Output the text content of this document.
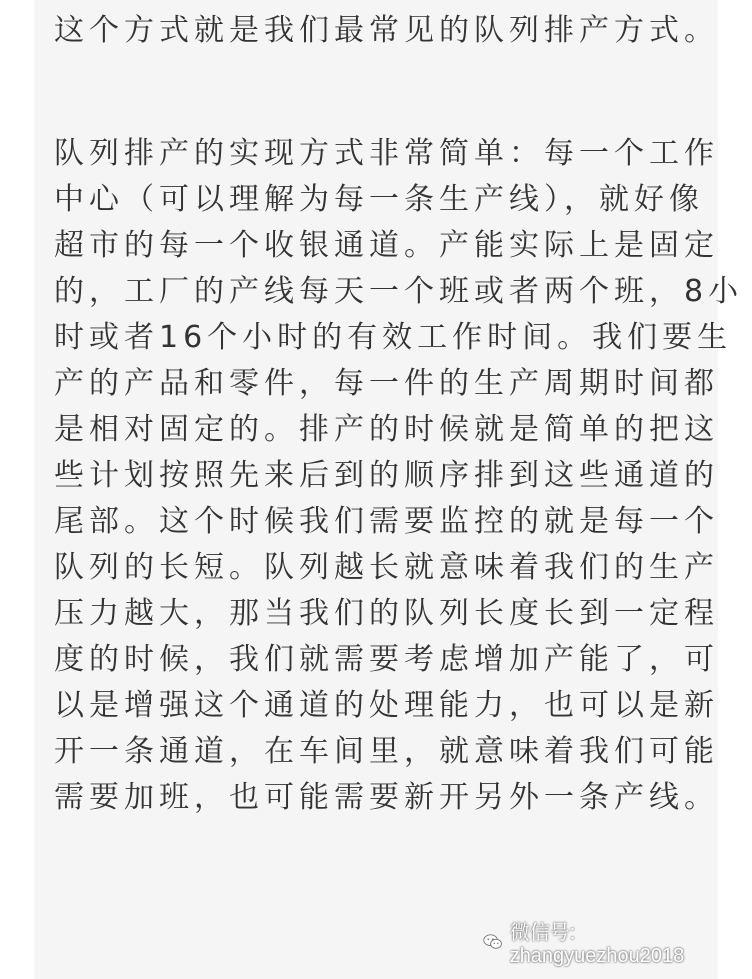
这个方式就是我们最常见的队列排产方式。

队列排产的实现方式非常简单：每一个工作
中心（可以理解为每一条生产线），就好像
超市的每一个收银通道。产能实际上是固定
的，工厂的产线每天一个班或者两个班，8小
时或者16个小时的有效工作时间。我们要生
产的产品和零件，每一件的生产周期时间都
是相对固定的。排产的时候就是简单的把这
些计划按照先来后到的顺序排到这些通道的
尾部。这个时候我们需要监控的就是每一个
队列的长短。队列越长就意味着我们的生产
压力越大，那当我们的队列长度长到一定程
度的时候，我们就需要考虑增加产能了，可
以是增强这个通道的处理能力，也可以是新
开一条通道，在车间里，就意味着我们可能
需要加班，也可能需要新开另外一条产线。

微信号: zhangyuezhou2018
